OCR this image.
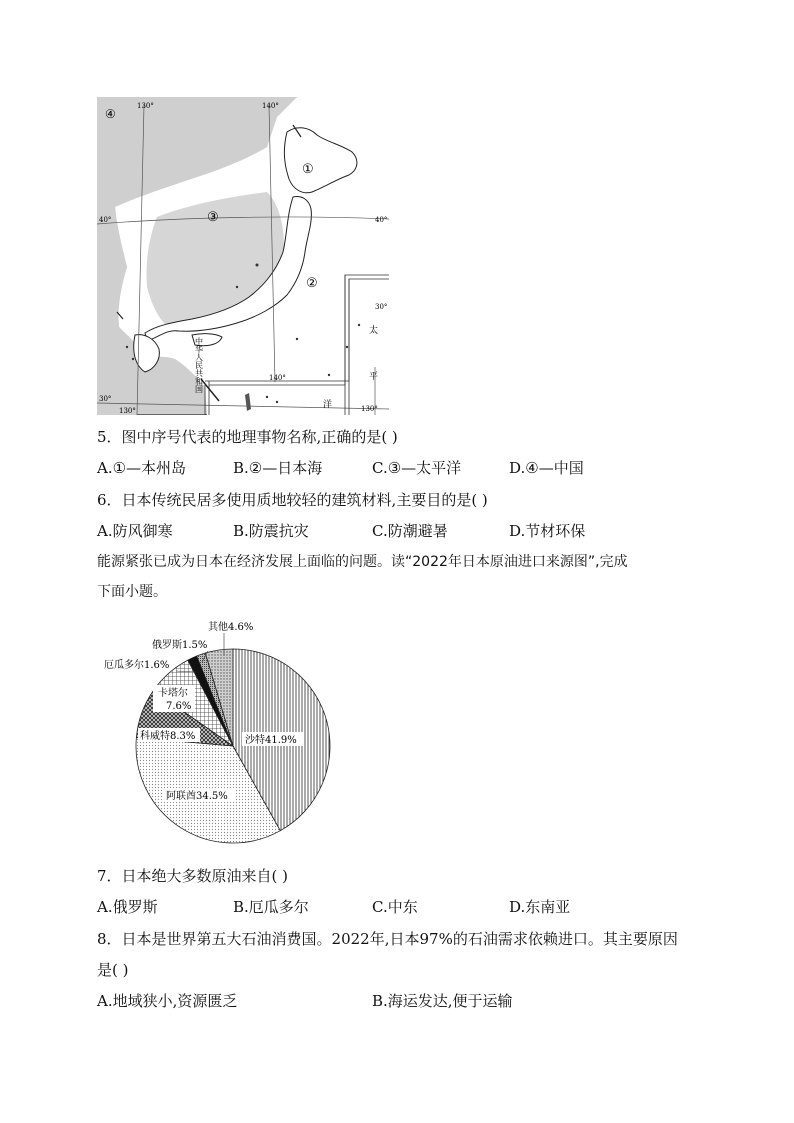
④
130°	140°
40°	40°
30°
30°
130°
140°
130°
①
②
③
太
平
洋
中华人民共和国
5．图中序号代表的地理事物名称,正确的是( )
A.①—本州岛	B.②—日本海	C.③—太平洋	D.④—中国
6．日本传统民居多使用质地较轻的建筑材料,主要目的是( )
A.防风御寒	B.防震抗灾	C.防潮避暑	D.节材环保
能源紧张已成为日本在经济发展上面临的问题。读“2022年日本原油进口来源图”,完成
下面小题。
其他4.6%
俄罗斯1.5%
厄瓜多尔1.6%
卡塔尔
7.6%
科威特8.3%	沙特41.9%
阿联酋34.5%
7．日本绝大多数原油来自( )
A.俄罗斯	B.厄瓜多尔	C.中东	D.东南亚
8．日本是世界第五大石油消费国。2022年,日本97%的石油需求依赖进口。其主要原因
是( )
A.地域狭小,资源匮乏	B.海运发达,便于运输
